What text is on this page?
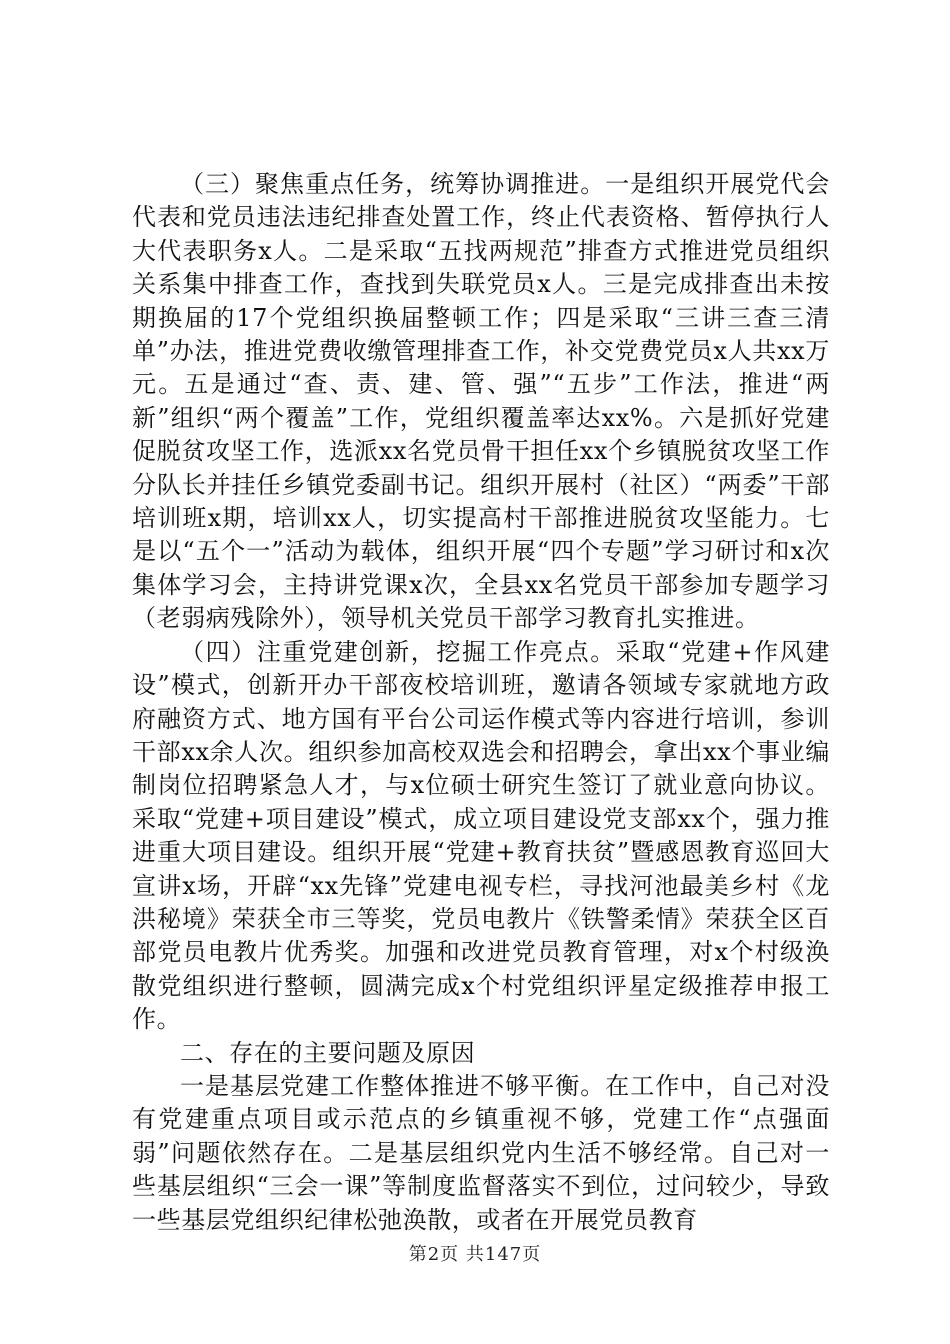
（三）聚焦重点任务，统筹协调推进。一是组织开展党代会代表和党员违法违纪排查处置工作，终止代表资格、暂停执行人大代表职务x人。二是采取“五找两规范”排查方式推进党员组织关系集中排查工作，查找到失联党员x人。三是完成排查出未按期换届的17个党组织换届整顿工作；四是采取“三讲三查三清单”办法，推进党费收缴管理排查工作，补交党费党员x人共xx万元。五是通过“查、责、建、管、强”“五步”工作法，推进“两新”组织“两个覆盖”工作，党组织覆盖率达xx%。六是抓好党建促脱贫攻坚工作，选派xx名党员骨干担任xx个乡镇脱贫攻坚工作分队长并挂任乡镇党委副书记。组织开展村（社区）“两委”干部培训班x期，培训xx人，切实提高村干部推进脱贫攻坚能力。七是以“五个一”活动为载体，组织开展“四个专题”学习研讨和x次集体学习会，主持讲党课x次，全县xx名党员干部参加专题学习（老弱病残除外），领导机关党员干部学习教育扎实推进。

（四）注重党建创新，挖掘工作亮点。采取“党建+作风建设”模式，创新开办干部夜校培训班，邀请各领域专家就地方政府融资方式、地方国有平台公司运作模式等内容进行培训，参训干部xx余人次。组织参加高校双选会和招聘会，拿出xx个事业编制岗位招聘紧急人才，与x位硕士研究生签订了就业意向协议。采取“党建+项目建设”模式，成立项目建设党支部xx个，强力推进重大项目建设。组织开展“党建+教育扶贫”暨感恩教育巡回大宣讲x场，开辟“xx先锋”党建电视专栏，寻找河池最美乡村《龙洪秘境》荣获全市三等奖，党员电教片《铁警柔情》荣获全区百部党员电教片优秀奖。加强和改进党员教育管理，对x个村级涣散党组织进行整顿，圆满完成x个村党组织评星定级推荐申报工作。

二、存在的主要问题及原因

一是基层党建工作整体推进不够平衡。在工作中，自己对没有党建重点项目或示范点的乡镇重视不够，党建工作“点强面弱”问题依然存在。二是基层组织党内生活不够经常。自己对一些基层组织“三会一课”等制度监督落实不到位，过问较少，导致一些基层党组织纪律松弛涣散，或者在开展党员教育

第2页 共147页
